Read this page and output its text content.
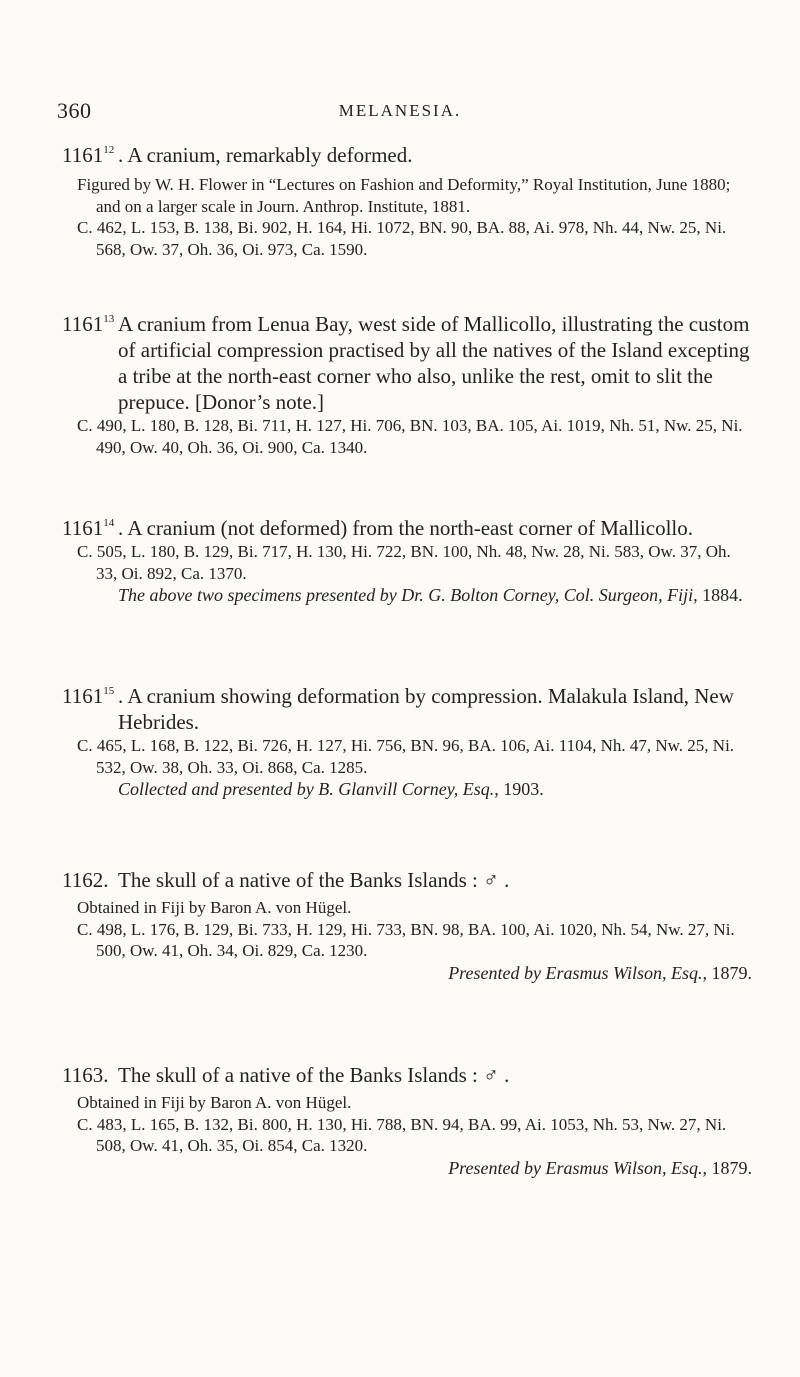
360	MELANESIA.
1161$^{12}$ . A cranium, remarkably deformed.
Figured by W. H. Flower in “Lectures on Fashion and Deformity,” Royal Institution, June 1880; and on a larger scale in Journ. Anthrop. Institute, 1881.
C. 462, L. 153, B. 138, Bi. 902, H. 164, Hi. 1072, BN. 90, BA. 88, Ai. 978, Nh. 44, Nw. 25, Ni. 568, Ow. 37, Oh. 36, Oi. 973, Ca. 1590.
1161$^{13}$ A cranium from Lenua Bay, west side of Mallicollo, illustrating the custom of artificial compression practised by all the natives of the Island excepting a tribe at the north-east corner who also, unlike the rest, omit to slit the prepuce. [Donor’s note.]
C. 490, L. 180, B. 128, Bi. 711, H. 127, Hi. 706, BN. 103, BA. 105, Ai. 1019, Nh. 51, Nw. 25, Ni. 490, Ow. 40, Oh. 36, Oi. 900, Ca. 1340.
1161$^{14}$ . A cranium (not deformed) from the north-east corner of Mallicollo.
C. 505, L. 180, B. 129, Bi. 717, H. 130, Hi. 722, BN. 100, Nh. 48, Nw. 28, Ni. 583, Ow. 37, Oh. 33, Oi. 892, Ca. 1370.
The above two specimens presented by Dr. G. Bolton Corney, Col. Surgeon, Fiji, 1884.
1161$^{15}$ . A cranium showing deformation by compression. Malakula Island, New Hebrides.
C. 465, L. 168, B. 122, Bi. 726, H. 127, Hi. 756, BN. 96, BA. 106, Ai. 1104, Nh. 47, Nw. 25, Ni. 532, Ow. 38, Oh. 33, Oi. 868, Ca. 1285.
Collected and presented by B. Glanvill Corney, Esq., 1903.
1162. The skull of a native of the Banks Islands : ♂ .
Obtained in Fiji by Baron A. von Hügel.
C. 498, L. 176, B. 129, Bi. 733, H. 129, Hi. 733, BN. 98, BA. 100, Ai. 1020, Nh. 54, Nw. 27, Ni. 500, Ow. 41, Oh. 34, Oi. 829, Ca. 1230.
Presented by Erasmus Wilson, Esq., 1879.
1163. The skull of a native of the Banks Islands : ♂ .
Obtained in Fiji by Baron A. von Hügel.
C. 483, L. 165, B. 132, Bi. 800, H. 130, Hi. 788, BN. 94, BA. 99, Ai. 1053, Nh. 53, Nw. 27, Ni. 508, Ow. 41, Oh. 35, Oi. 854, Ca. 1320.
Presented by Erasmus Wilson, Esq., 1879.
